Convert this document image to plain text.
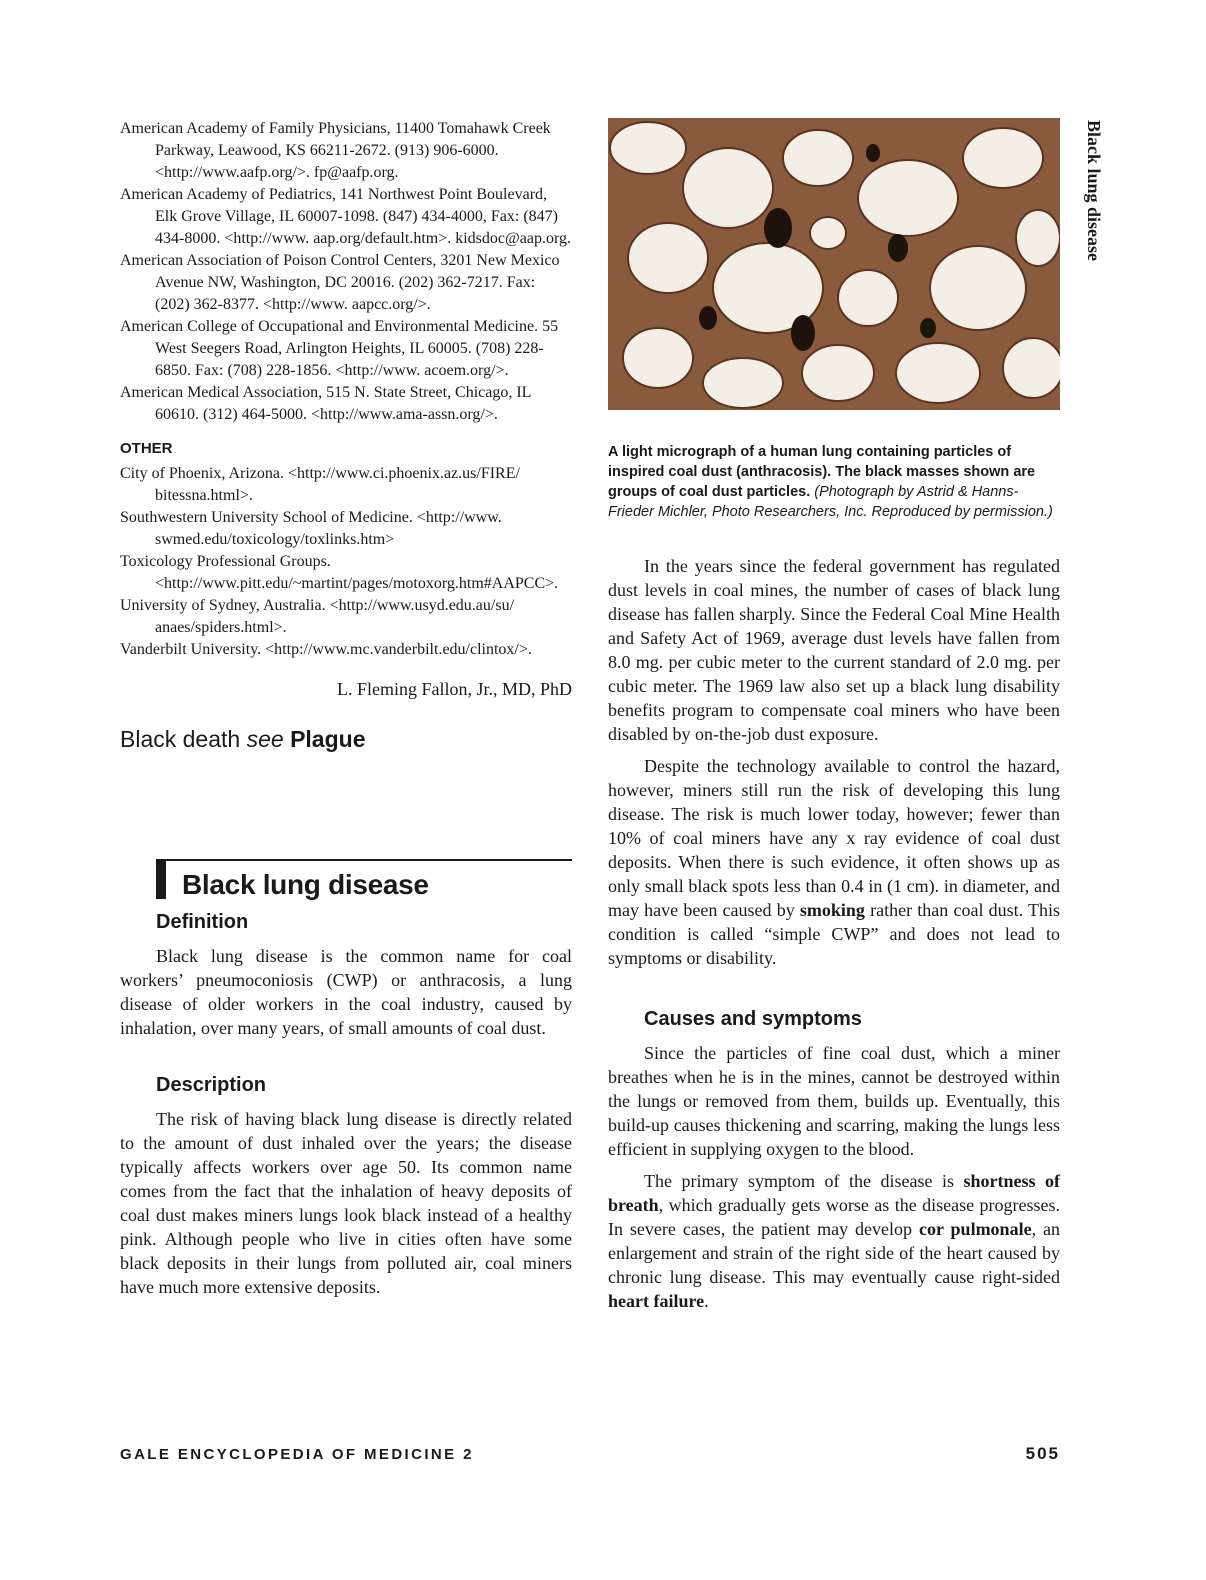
Black lung disease

American Academy of Family Physicians, 11400 Tomahawk Creek Parkway, Leawood, KS 66211-2672. (913) 906-6000. <http://www.aafp.org/>. fp@aafp.org.

American Academy of Pediatrics, 141 Northwest Point Boulevard, Elk Grove Village, IL 60007-1098. (847) 434-4000, Fax: (847) 434-8000. <http://www. aap.org/default.htm>. kidsdoc@aap.org.

American Association of Poison Control Centers, 3201 New Mexico Avenue NW, Washington, DC 20016. (202) 362-7217. Fax: (202) 362-8377. <http://www. aapcc.org/>.

American College of Occupational and Environmental Medicine. 55 West Seegers Road, Arlington Heights, IL 60005. (708) 228-6850. Fax: (708) 228-1856. <http://www. acoem.org/>.

American Medical Association, 515 N. State Street, Chicago, IL 60610. (312) 464-5000. <http://www.ama-assn.org/>.

OTHER

City of Phoenix, Arizona. <http://www.ci.phoenix.az.us/FIRE/ bitessna.html>.

Southwestern University School of Medicine. <http://www. swmed.edu/toxicology/toxlinks.htm>

Toxicology Professional Groups. <http://www.pitt.edu/~martint/pages/motoxorg.htm#AAPCC>.

University of Sydney, Australia. <http://www.usyd.edu.au/su/ anaes/spiders.html>.

Vanderbilt University. <http://www.mc.vanderbilt.edu/clintox/>.

L. Fleming Fallon, Jr., MD, PhD

Black death see Plague

Black lung disease
Definition

Black lung disease is the common name for coal workers’ pneumoconiosis (CWP) or anthracosis, a lung disease of older workers in the coal industry, caused by inhalation, over many years, of small amounts of coal dust.

Description

The risk of having black lung disease is directly related to the amount of dust inhaled over the years; the disease typically affects workers over age 50. Its common name comes from the fact that the inhalation of heavy deposits of coal dust makes miners lungs look black instead of a healthy pink. Although people who live in cities often have some black deposits in their lungs from polluted air, coal miners have much more extensive deposits.

A light micrograph of a human lung containing particles of inspired coal dust (anthracosis). The black masses shown are groups of coal dust particles. (Photograph by Astrid & Hanns-Frieder Michler, Photo Researchers, Inc. Reproduced by permission.)

In the years since the federal government has regulated dust levels in coal mines, the number of cases of black lung disease has fallen sharply. Since the Federal Coal Mine Health and Safety Act of 1969, average dust levels have fallen from 8.0 mg. per cubic meter to the current standard of 2.0 mg. per cubic meter. The 1969 law also set up a black lung disability benefits program to compensate coal miners who have been disabled by on-the-job dust exposure.

Despite the technology available to control the hazard, however, miners still run the risk of developing this lung disease. The risk is much lower today, however; fewer than 10% of coal miners have any x ray evidence of coal dust deposits. When there is such evidence, it often shows up as only small black spots less than 0.4 in (1 cm). in diameter, and may have been caused by smoking rather than coal dust. This condition is called “simple CWP” and does not lead to symptoms or disability.

Causes and symptoms

Since the particles of fine coal dust, which a miner breathes when he is in the mines, cannot be destroyed within the lungs or removed from them, builds up. Eventually, this build-up causes thickening and scarring, making the lungs less efficient in supplying oxygen to the blood.

The primary symptom of the disease is shortness of breath, which gradually gets worse as the disease progresses. In severe cases, the patient may develop cor pulmonale, an enlargement and strain of the right side of the heart caused by chronic lung disease. This may eventually cause right-sided heart failure.

GALE ENCYCLOPEDIA OF MEDICINE 2	505
